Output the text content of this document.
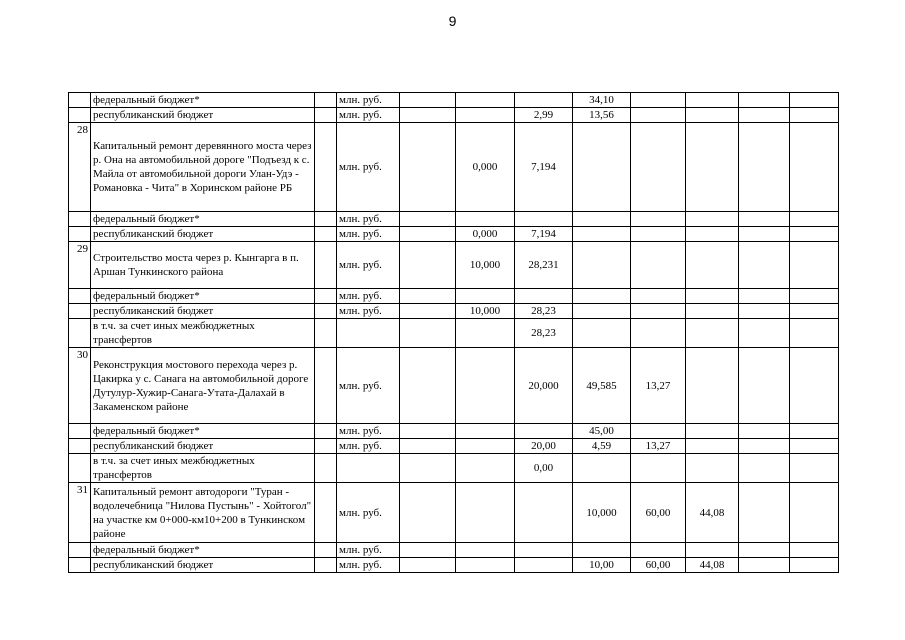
9
	федеральный бюджет*		млн. руб.				34,10				
	республиканский бюджет		млн. руб.			2,99	13,56				
28	Капитальный ремонт деревянного моста через р. Она на автомобильной дороге "Подъезд к с. Майла от автомобильной дороги Улан-Удэ - Романовка - Чита" в Хоринском районе РБ		млн. руб.		0,000	7,194					
	федеральный бюджет*		млн. руб.								
	республиканский бюджет		млн. руб.		0,000	7,194					
29	Строительство моста через р. Кынгарга в п. Аршан Тункинского района		млн. руб.		10,000	28,231					
	федеральный бюджет*		млн. руб.								
	республиканский бюджет		млн. руб.		10,000	28,23					
	в т.ч. за счет иных межбюджетных трансфертов					28,23					
30	Реконструкция мостового перехода через р. Цакирка у с. Санага на автомобильной дороге Дутулур-Хужир-Санага-Утата-Далахай в Закаменском районе		млн. руб.			20,000	49,585	13,27			
	федеральный бюджет*		млн. руб.				45,00				
	республиканский бюджет		млн. руб.			20,00	4,59	13,27			
	в т.ч. за счет иных межбюджетных трансфертов					0,00					
31	Капитальный ремонт автодороги "Туран - водолечебница "Нилова Пустынь" - Хойтогол" на участке км 0+000-км10+200 в Тункинском районе		млн. руб.				10,000	60,00	44,08		
	федеральный бюджет*		млн. руб.								
	республиканский бюджет		млн. руб.				10,00	60,00	44,08		
